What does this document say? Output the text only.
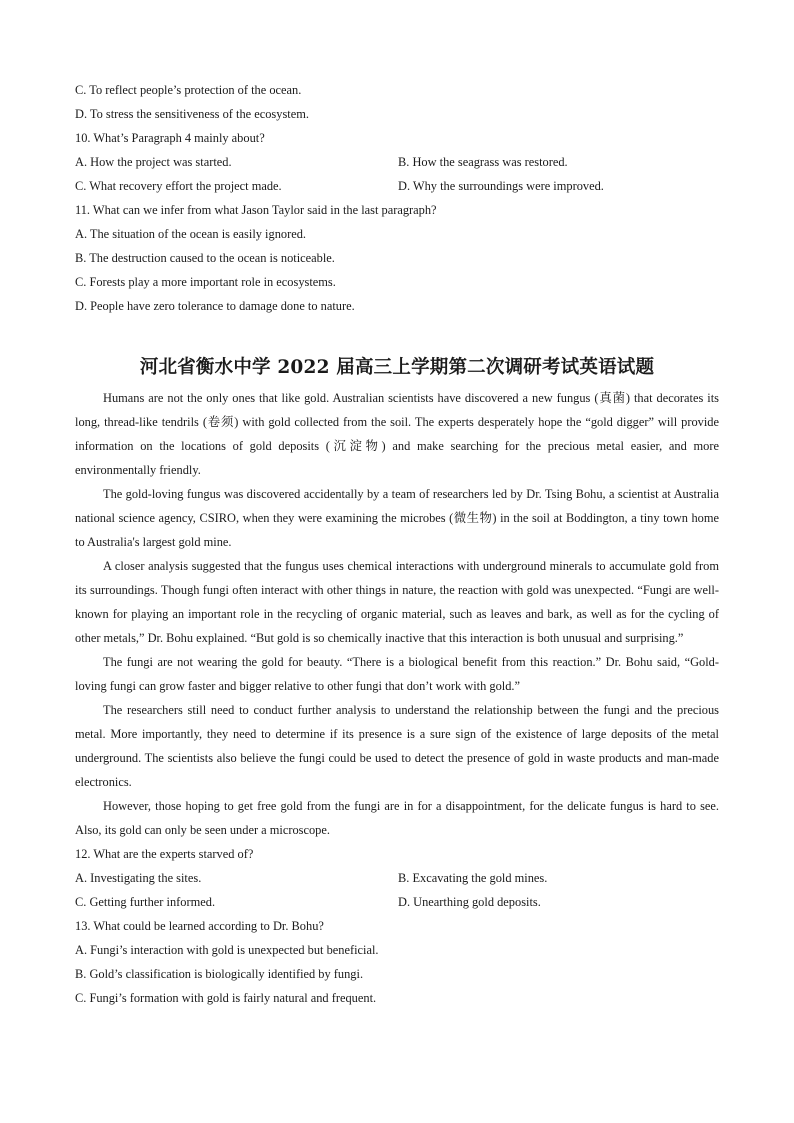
C. To reflect people’s protection of the ocean.
D. To stress the sensitiveness of the ecosystem.
10. What’s Paragraph 4 mainly about?
A. How the project was started.	B. How the seagrass was restored.
C. What recovery effort the project made.	D. Why the surroundings were improved.
11. What can we infer from what Jason Taylor said in the last paragraph?
A. The situation of the ocean is easily ignored.
B. The destruction caused to the ocean is noticeable.
C. Forests play a more important role in ecosystems.
D. People have zero tolerance to damage done to nature.
河北省衡水中学 2022 届高三上学期第二次调研考试英语试题

Humans are not the only ones that like gold. Australian scientists have discovered a new fungus (真菌) that decorates its long, thread-like tendrils (卷须) with gold collected from the soil. The experts desperately hope the “gold digger” will provide information on the locations of gold deposits (沉淀物) and make searching for the precious metal easier, and more environmentally friendly.

The gold-loving fungus was discovered accidentally by a team of researchers led by Dr. Tsing Bohu, a scientist at Australia national science agency, CSIRO, when they were examining the microbes (微生物) in the soil at Boddington, a tiny town home to Australia's largest gold mine.

A closer analysis suggested that the fungus uses chemical interactions with underground minerals to accumulate gold from its surroundings. Though fungi often interact with other things in nature, the reaction with gold was unexpected. “Fungi are well-known for playing an important role in the recycling of organic material, such as leaves and bark, as well as for the cycling of other metals,” Dr. Bohu explained. “But gold is so chemically inactive that this interaction is both unusual and surprising.”

The fungi are not wearing the gold for beauty. “There is a biological benefit from this reaction.” Dr. Bohu said, “Gold-loving fungi can grow faster and bigger relative to other fungi that don’t work with gold.”

The researchers still need to conduct further analysis to understand the relationship between the fungi and the precious metal. More importantly, they need to determine if its presence is a sure sign of the existence of large deposits of the metal underground. The scientists also believe the fungi could be used to detect the presence of gold in waste products and man-made electronics.

However, those hoping to get free gold from the fungi are in for a disappointment, for the delicate fungus is hard to see. Also, its gold can only be seen under a microscope.

12. What are the experts starved of?
A. Investigating the sites.	B. Excavating the gold mines.
C. Getting further informed.	D. Unearthing gold deposits.
13. What could be learned according to Dr. Bohu?
A. Fungi’s interaction with gold is unexpected but beneficial.
B. Gold’s classification is biologically identified by fungi.
C. Fungi’s formation with gold is fairly natural and frequent.
